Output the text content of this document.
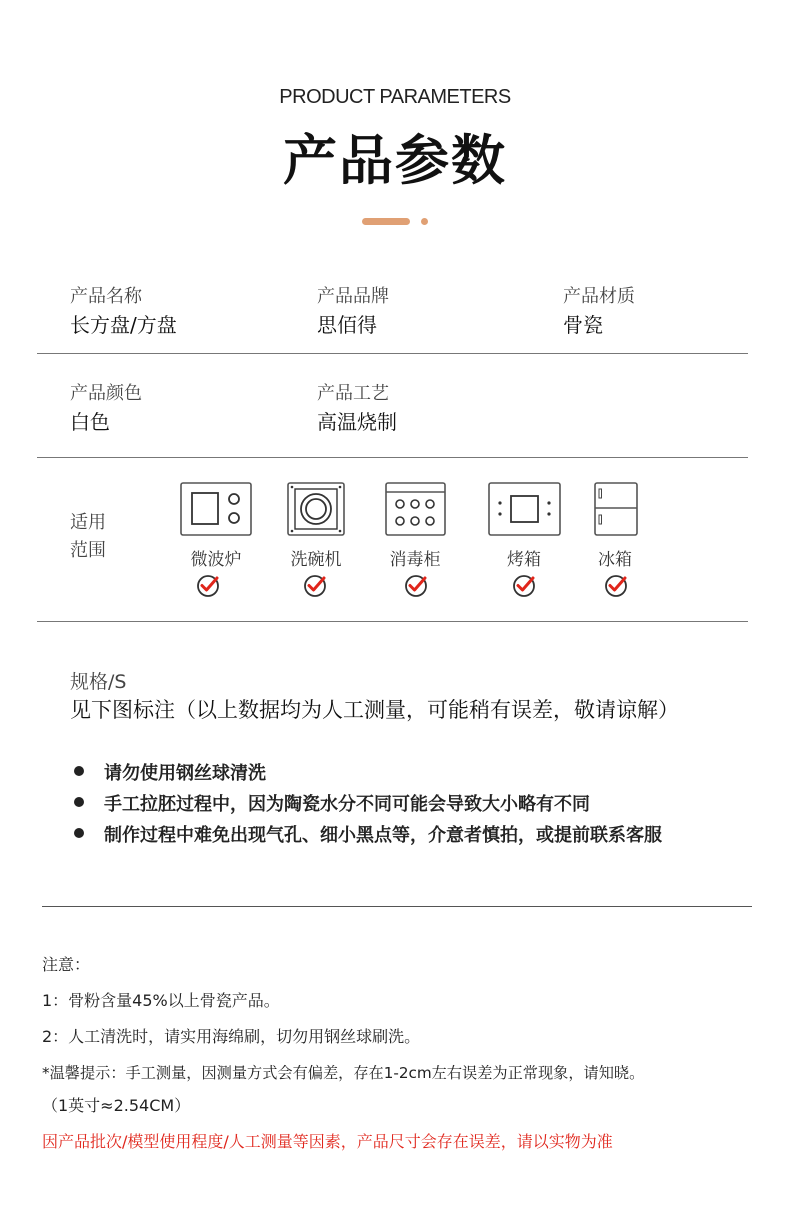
PRODUCT PARAMETERS
产品参数
产品名称
长方盘/方盘
产品品牌
思佰得
产品材质
骨瓷
产品颜色
白色
产品工艺
高温烧制
适用
范围	微波炉	洗碗机	消毒柜	烤箱	冰箱
规格/S
见下图标注（以上数据均为人工测量，可能稍有误差，敬请谅解）
请勿使用钢丝球清洗
手工拉胚过程中，因为陶瓷水分不同可能会导致大小略有不同
制作过程中难免出现气孔、细小黑点等，介意者慎拍，或提前联系客服
注意：
1：骨粉含量45%以上骨瓷产品。
2：人工清洗时，请实用海绵刷，切勿用钢丝球刷洗。
*温馨提示：手工测量，因测量方式会有偏差，存在1-2cm左右误差为正常现象，请知晓。
（1英寸≈2.54CM）
因产品批次/模型使用程度/人工测量等因素，产品尺寸会存在误差，请以实物为准
